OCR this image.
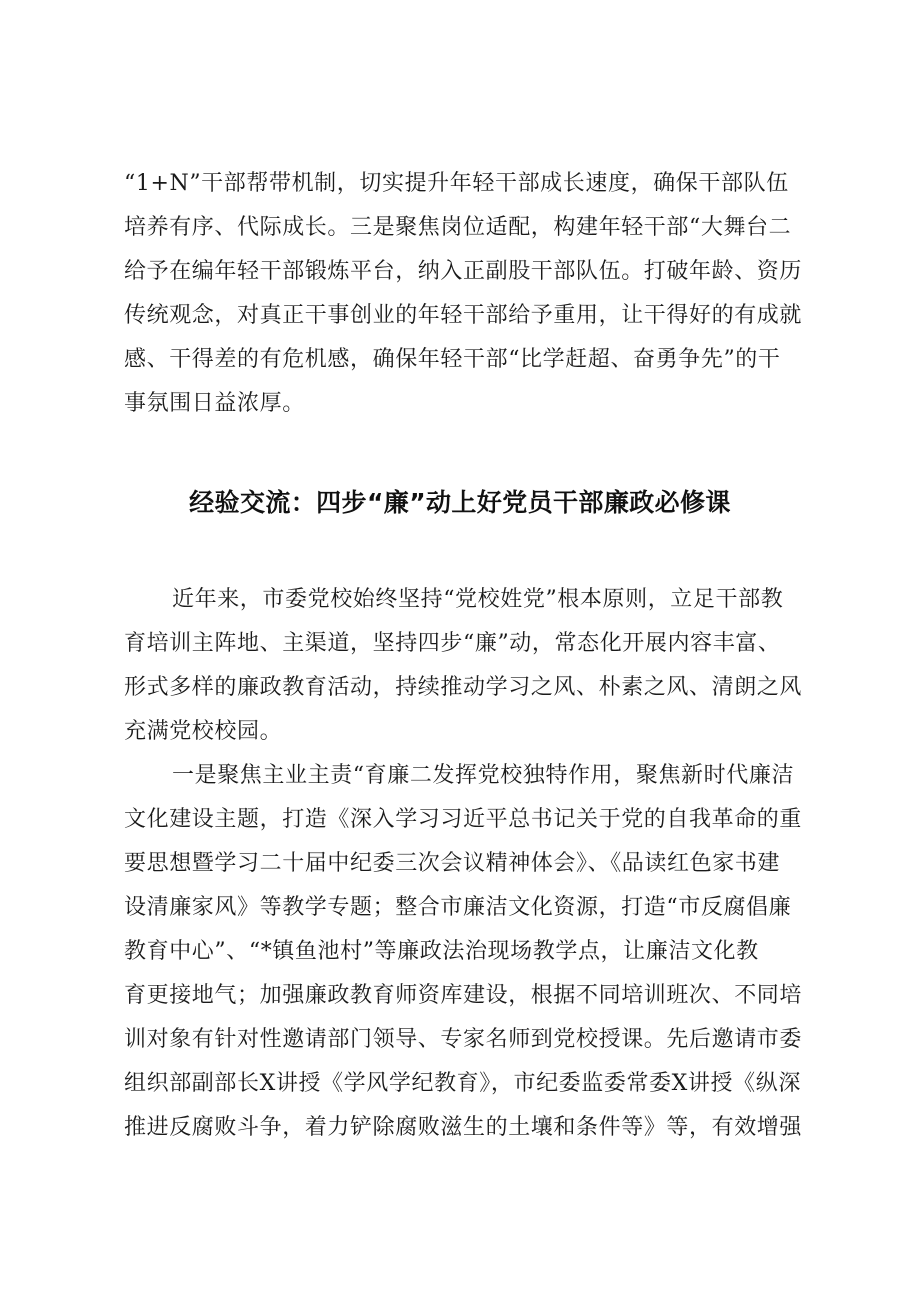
“1+N”干部帮带机制，切实提升年轻干部成长速度，确保干部队伍
培养有序、代际成长。三是聚焦岗位适配，构建年轻干部“大舞台二
给予在编年轻干部锻炼平台，纳入正副股干部队伍。打破年龄、资历
传统观念，对真正干事创业的年轻干部给予重用，让干得好的有成就
感、干得差的有危机感，确保年轻干部“比学赶超、奋勇争先”的干
事氛围日益浓厚。
经验交流：四步“廉”动上好党员干部廉政必修课
近年来，市委党校始终坚持“党校姓党”根本原则，立足干部教
育培训主阵地、主渠道，坚持四步“廉”动，常态化开展内容丰富、
形式多样的廉政教育活动，持续推动学习之风、朴素之风、清朗之风
充满党校校园。
一是聚焦主业主责“育廉二发挥党校独特作用，聚焦新时代廉洁
文化建设主题，打造《深入学习习近平总书记关于党的自我革命的重
要思想暨学习二十届中纪委三次会议精神体会》、《品读红色家书建
设清廉家风》等教学专题；整合市廉洁文化资源，打造“市反腐倡廉
教育中心”、“*镇鱼池村”等廉政法治现场教学点，让廉洁文化教
育更接地气；加强廉政教育师资库建设，根据不同培训班次、不同培
训对象有针对性邀请部门领导、专家名师到党校授课。先后邀请市委
组织部副部长X讲授《学风学纪教育》，市纪委监委常委X讲授《纵深
推进反腐败斗争，着力铲除腐败滋生的土壤和条件等》等，有效增强
